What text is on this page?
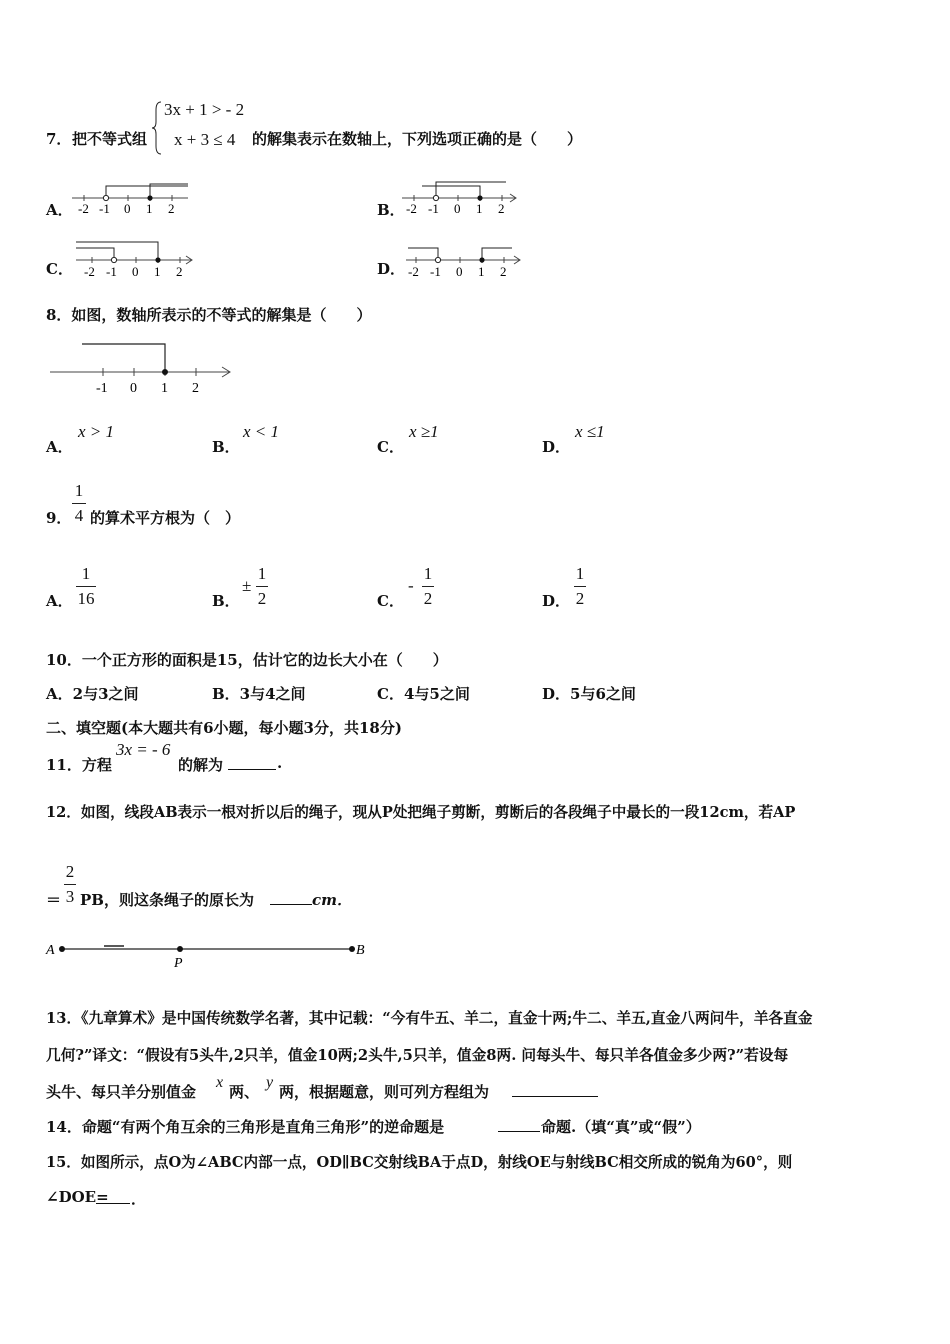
7． 把不等式组
3x + 1 > - 2
x + 3 ≤ 4 的解集表示在数轴上，下列选项正确的是（　　）
A． -2 -1 0 1 2	B． -2 -1 0 1 2
C． -2 -1 0 1 2	D． -2 -1 0 1 2
8．如图，数轴所表示的不等式的解集是（　　）
-1 0 1 2
A．
x > 1
B．
x < 1
C．
x ≥1
D．
x ≤1
9．
1
4 的算术平方根为（　）
A．
1
16	B．
±
1
2	C．
-
1
2	D．
1
2
10．一个正方形的面积是15，估计它的边长大小在（　　）
A．2与3之间	B．3与4之间	C．4与5之间	D．5与6之间
二、填空题(本大题共有6小题，每小题3分，共18分)
11．方程
3x = - 6
的解为	.
12．如图，线段AB表示一根对折以后的绳子，现从P处把绳子剪断，剪断后的各段绳子中最长的一段12cm，若AP
＝
2
3 PB，则这条绳子的原长为	cm．
A
P
B
13．《九章算术》是中国传统数学名著，其中记载：“今有牛五、羊二，直金十两;牛二、羊五,直金八两问牛，羊各直金
几何?”译文：“假设有5头牛,2只羊，值金10两;2头牛,5只羊，值金8两. 问每头牛、每只羊各值金多少两?”若设每
头牛、每只羊分别值金
x
两、
y
两，根据题意，则可列方程组为
14．命题“有两个角互余的三角形是直角三角形”的逆命题是	命题.（填“真”或“假”）
15．如图所示，点O为∠ABC内部一点，OD∥BC交射线BA于点D，射线OE与射线BC相交所成的锐角为60°，则
∠DOE= ．
